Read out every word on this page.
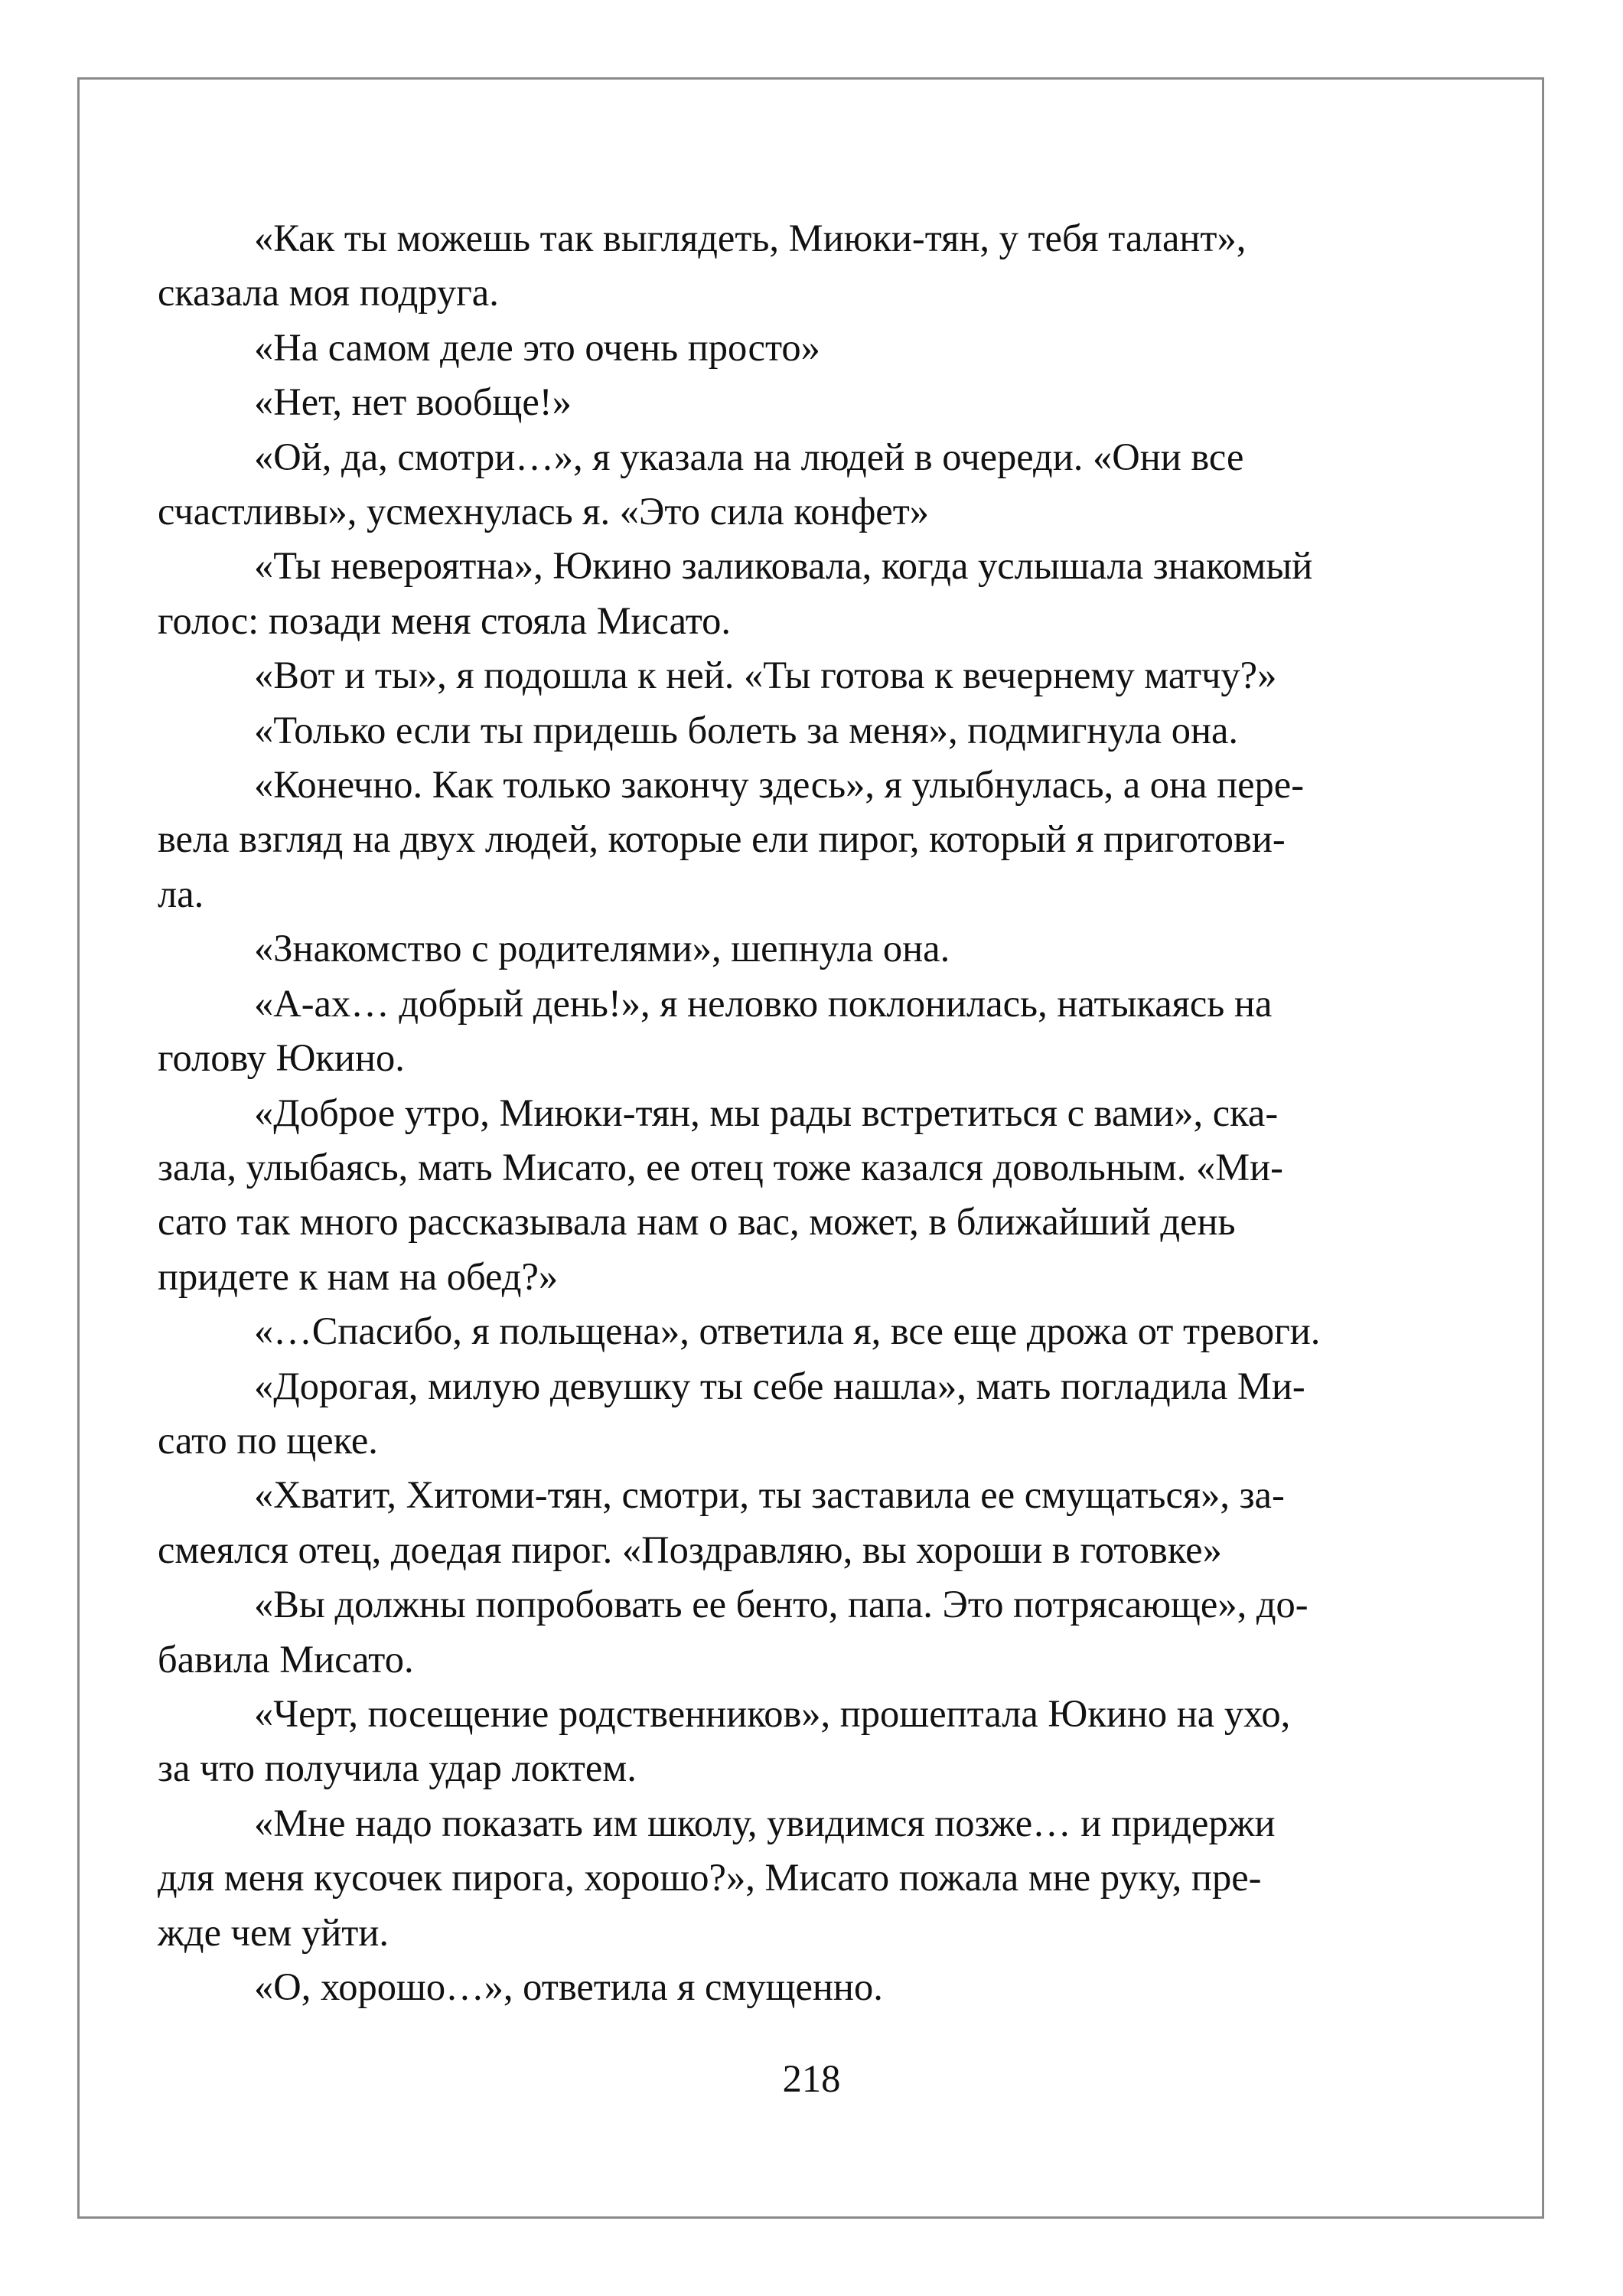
«Как ты можешь так выглядеть, Миюки-тян, у тебя талант»,
сказала моя подруга.

«На самом деле это очень просто»

«Нет, нет вообще!»

«Ой, да, смотри…», я указала на людей в очереди. «Они все
счастливы», усмехнулась я. «Это сила конфет»

«Ты невероятна», Юкино заликовала, когда услышала знакомый
голос: позади меня стояла Мисато.

«Вот и ты», я подошла к ней. «Ты готова к вечернему матчу?»

«Только если ты придешь болеть за меня», подмигнула она.

«Конечно. Как только закончу здесь», я улыбнулась, а она пере-
вела взгляд на двух людей, которые ели пирог, который я приготови-
ла.

«Знакомство с родителями», шепнула она.

«А-ах… добрый день!», я неловко поклонилась, натыкаясь на
голову Юкино.

«Доброе утро, Миюки-тян, мы рады встретиться с вами», ска-
зала, улыбаясь, мать Мисато, ее отец тоже казался довольным. «Ми-
сато так много рассказывала нам о вас, может, в ближайший день
придете к нам на обед?»

«…Спасибо, я польщена», ответила я, все еще дрожа от тревоги.

«Дорогая, милую девушку ты себе нашла», мать погладила Ми-
сато по щеке.

«Хватит, Хитоми-тян, смотри, ты заставила ее смущаться», за-
смеялся отец, доедая пирог. «Поздравляю, вы хороши в готовке»

«Вы должны попробовать ее бенто, папа. Это потрясающе», до-
бавила Мисато.

«Черт, посещение родственников», прошептала Юкино на ухо,
за что получила удар локтем.

«Мне надо показать им школу, увидимся позже… и придержи
для меня кусочек пирога, хорошо?», Мисато пожала мне руку, пре-
жде чем уйти.

«О, хорошо…», ответила я смущенно.

218
